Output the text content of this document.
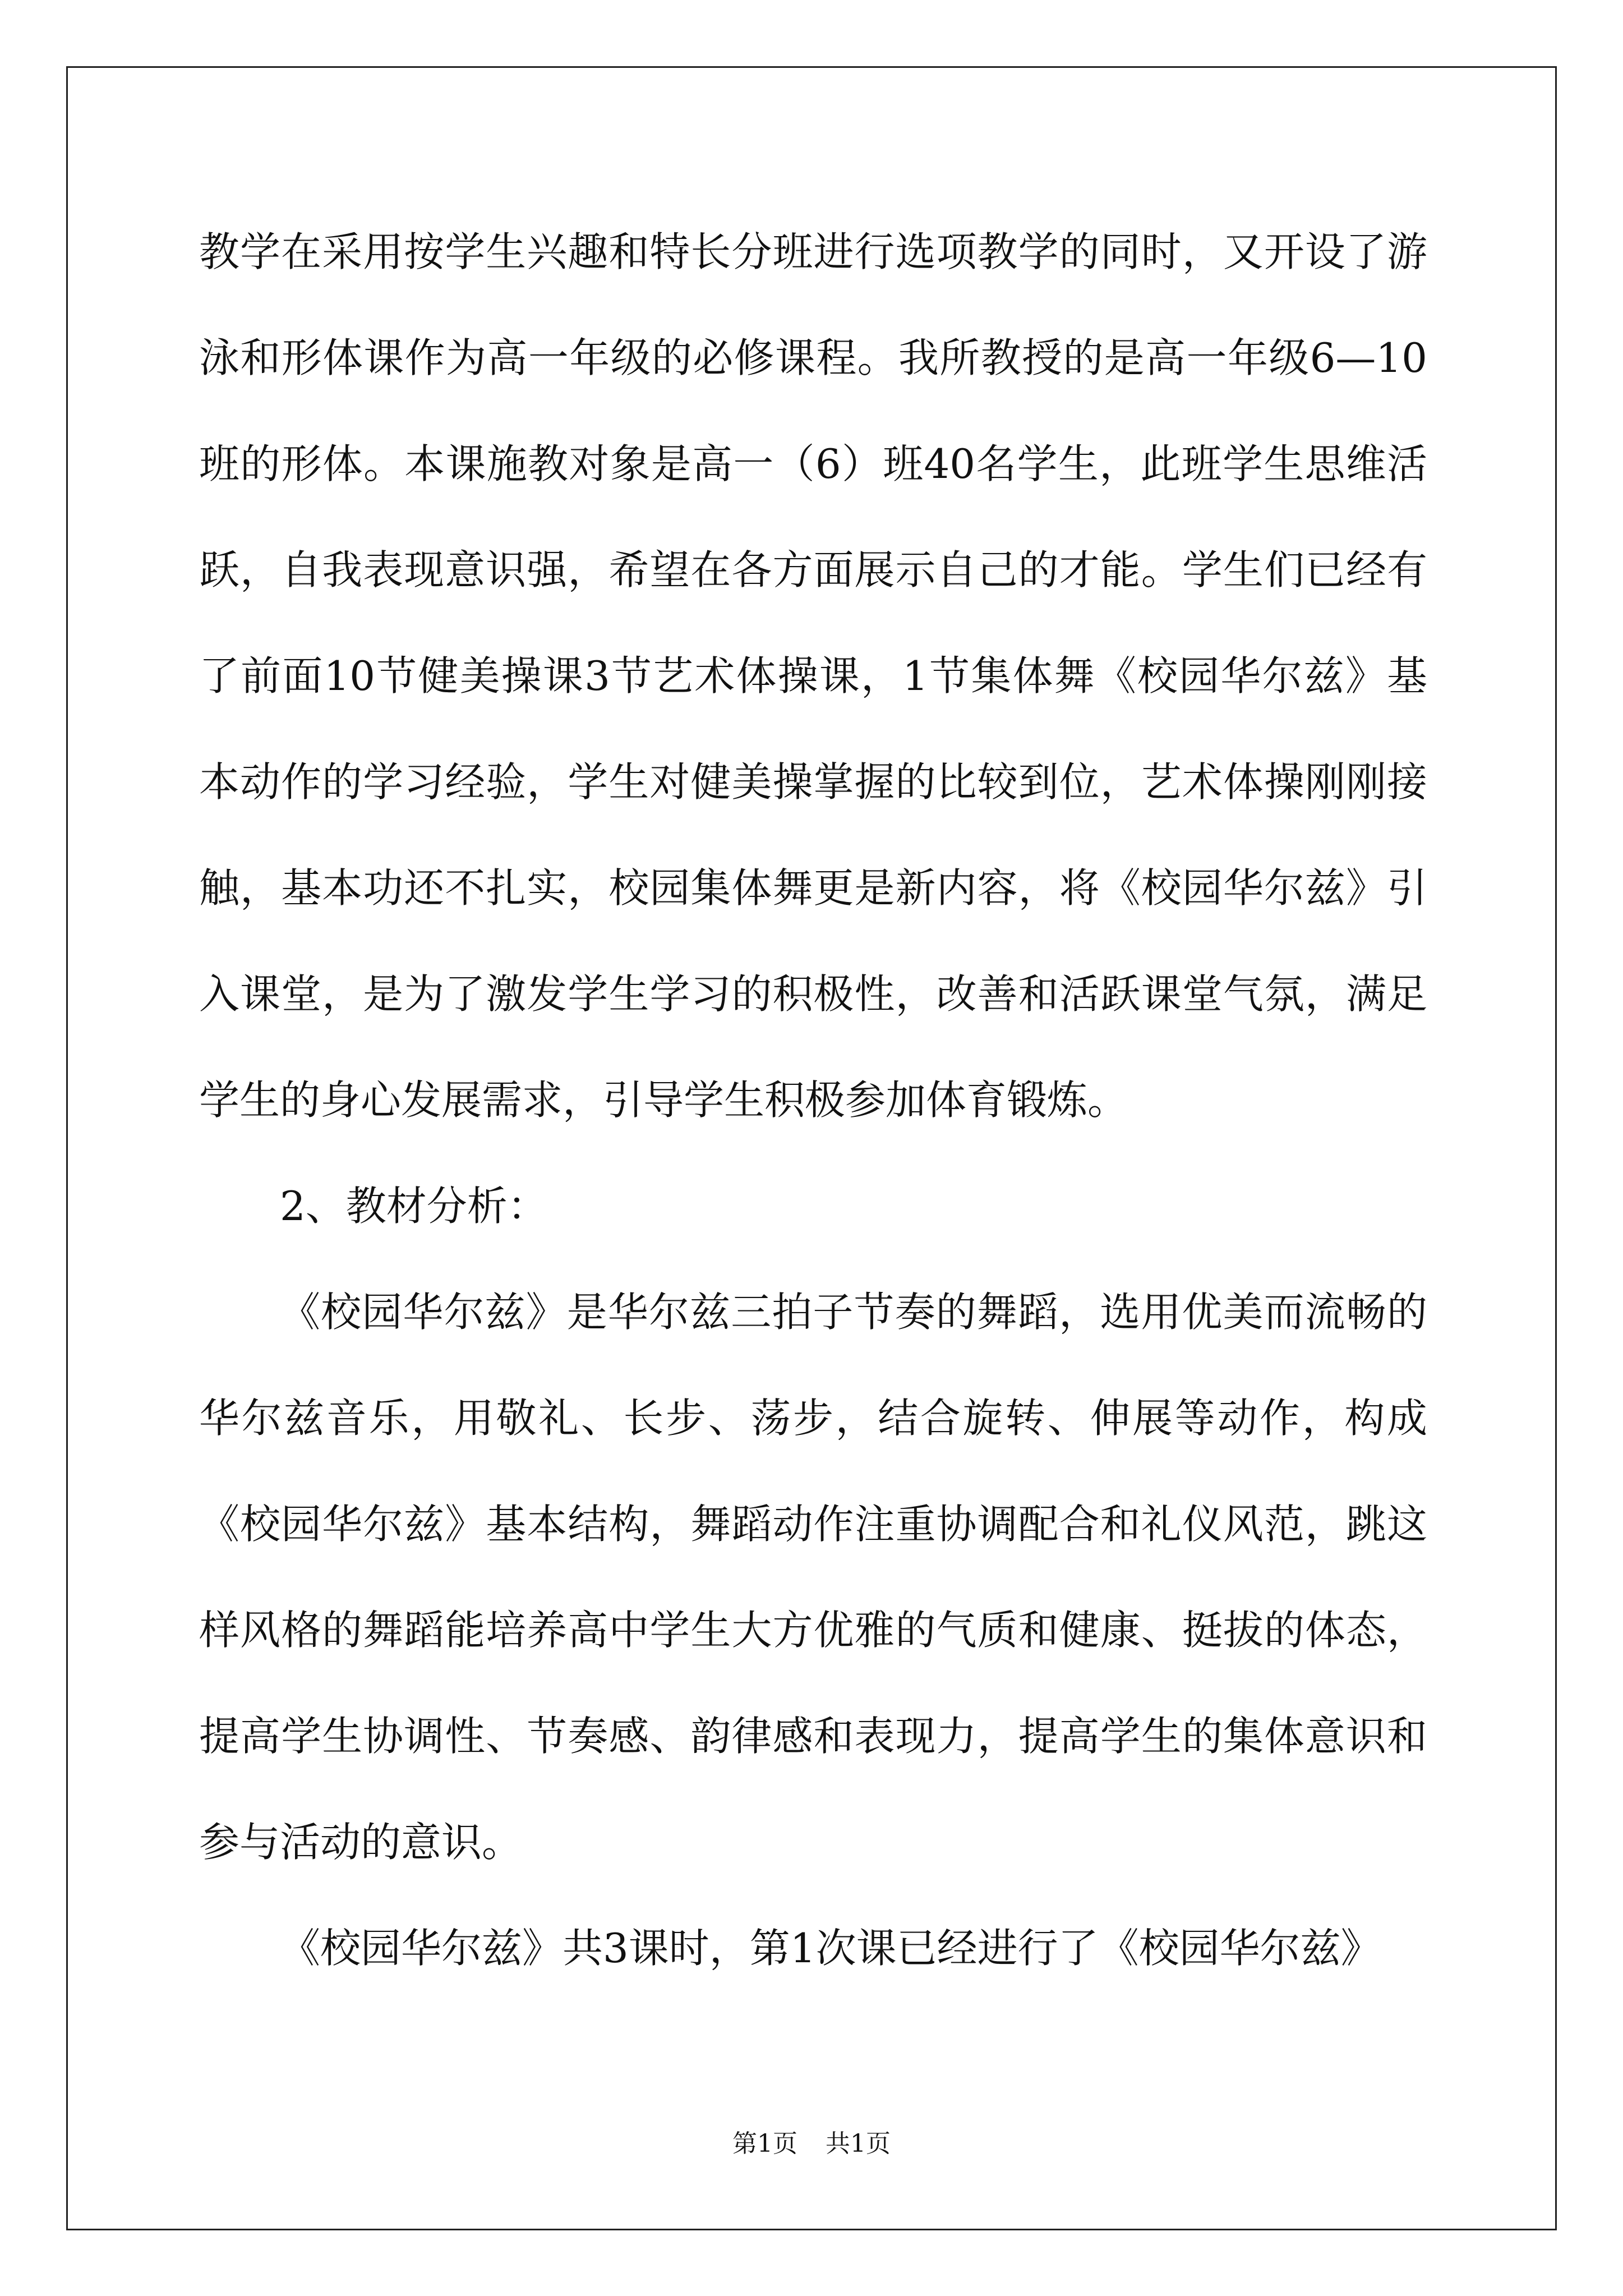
教学在采用按学生兴趣和特长分班进行选项教学的同时，又开设了游泳和形体课作为高一年级的必修课程。我所教授的是高一年级6—10班的形体。本课施教对象是高一（6）班40名学生，此班学生思维活跃，自我表现意识强，希望在各方面展示自己的才能。学生们已经有了前面10节健美操课3节艺术体操课，1节集体舞《校园华尔兹》基本动作的学习经验，学生对健美操掌握的比较到位，艺术体操刚刚接触，基本功还不扎实，校园集体舞更是新内容，将《校园华尔兹》引入课堂，是为了激发学生学习的积极性，改善和活跃课堂气氛，满足学生的身心发展需求，引导学生积极参加体育锻炼。

2、教材分析：

《校园华尔兹》是华尔兹三拍子节奏的舞蹈，选用优美而流畅的华尔兹音乐，用敬礼、长步、荡步，结合旋转、伸展等动作，构成《校园华尔兹》基本结构，舞蹈动作注重协调配合和礼仪风范，跳这样风格的舞蹈能培养高中学生大方优雅的气质和健康、挺拔的体态，提高学生协调性、节奏感、韵律感和表现力，提高学生的集体意识和参与活动的意识。

《校园华尔兹》共3课时，第1次课已经进行了《校园华尔兹》

第1页 共1页
